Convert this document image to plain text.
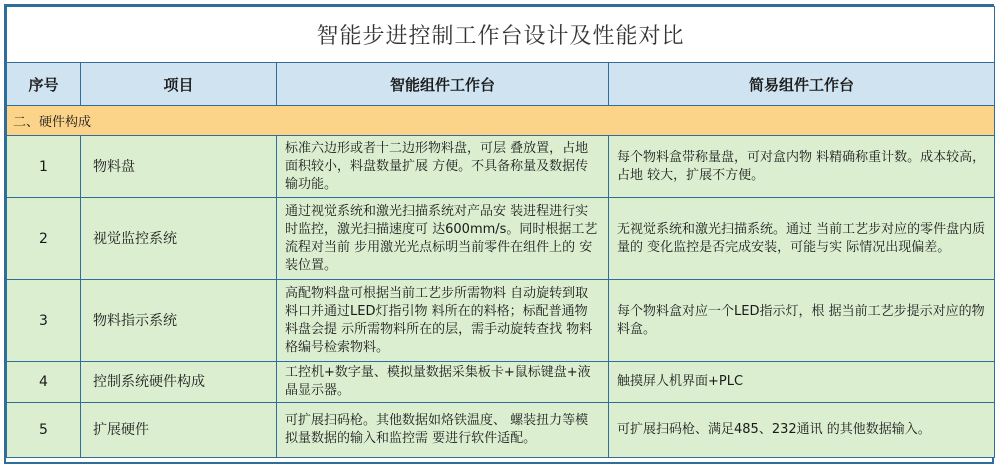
智能步进控制工作台设计及性能对比			
序号	项目	智能组件工作台	简易组件工作台
二、硬件构成			
1	物料盘	标准六边形或者十二边形物料盘，可层 叠放置，占地面积较小，料盘数量扩展 方便。不具备称量及数据传输功能。	每个物料盒带称量盘，可对盒内物 料精确称重计数。成本较高，占地 较大，扩展不方便。
2	视觉监控系统	通过视觉系统和激光扫描系统对产品安 装进程进行实时监控，激光扫描速度可 达600mm/s。同时根据工艺流程对当前 步用激光光点标明当前零件在组件上的 安装位置。	无视觉系统和激光扫描系统。通过 当前工艺步对应的零件盘内质量的 变化监控是否完成安装，可能与实 际情况出现偏差。
3	物料指示系统	高配物料盘可根据当前工艺步所需物料 自动旋转到取料口并通过LED灯指引物 料所在的料格；标配普通物料盘会提 示所需物料所在的层，需手动旋转查找 物料格编号检索物料。	每个物料盒对应一个LED指示灯，根 据当前工艺步提示对应的物料盒。
4	控制系统硬件构成	工控机+数字量、模拟量数据采集板卡+鼠标键盘+液晶显示器。	触摸屏人机界面+PLC
5	扩展硬件	可扩展扫码枪。其他数据如烙铁温度、 螺装扭力等模拟量数据的输入和监控需 要进行软件适配。	可扩展扫码枪、满足485、232通讯 的其他数据输入。
